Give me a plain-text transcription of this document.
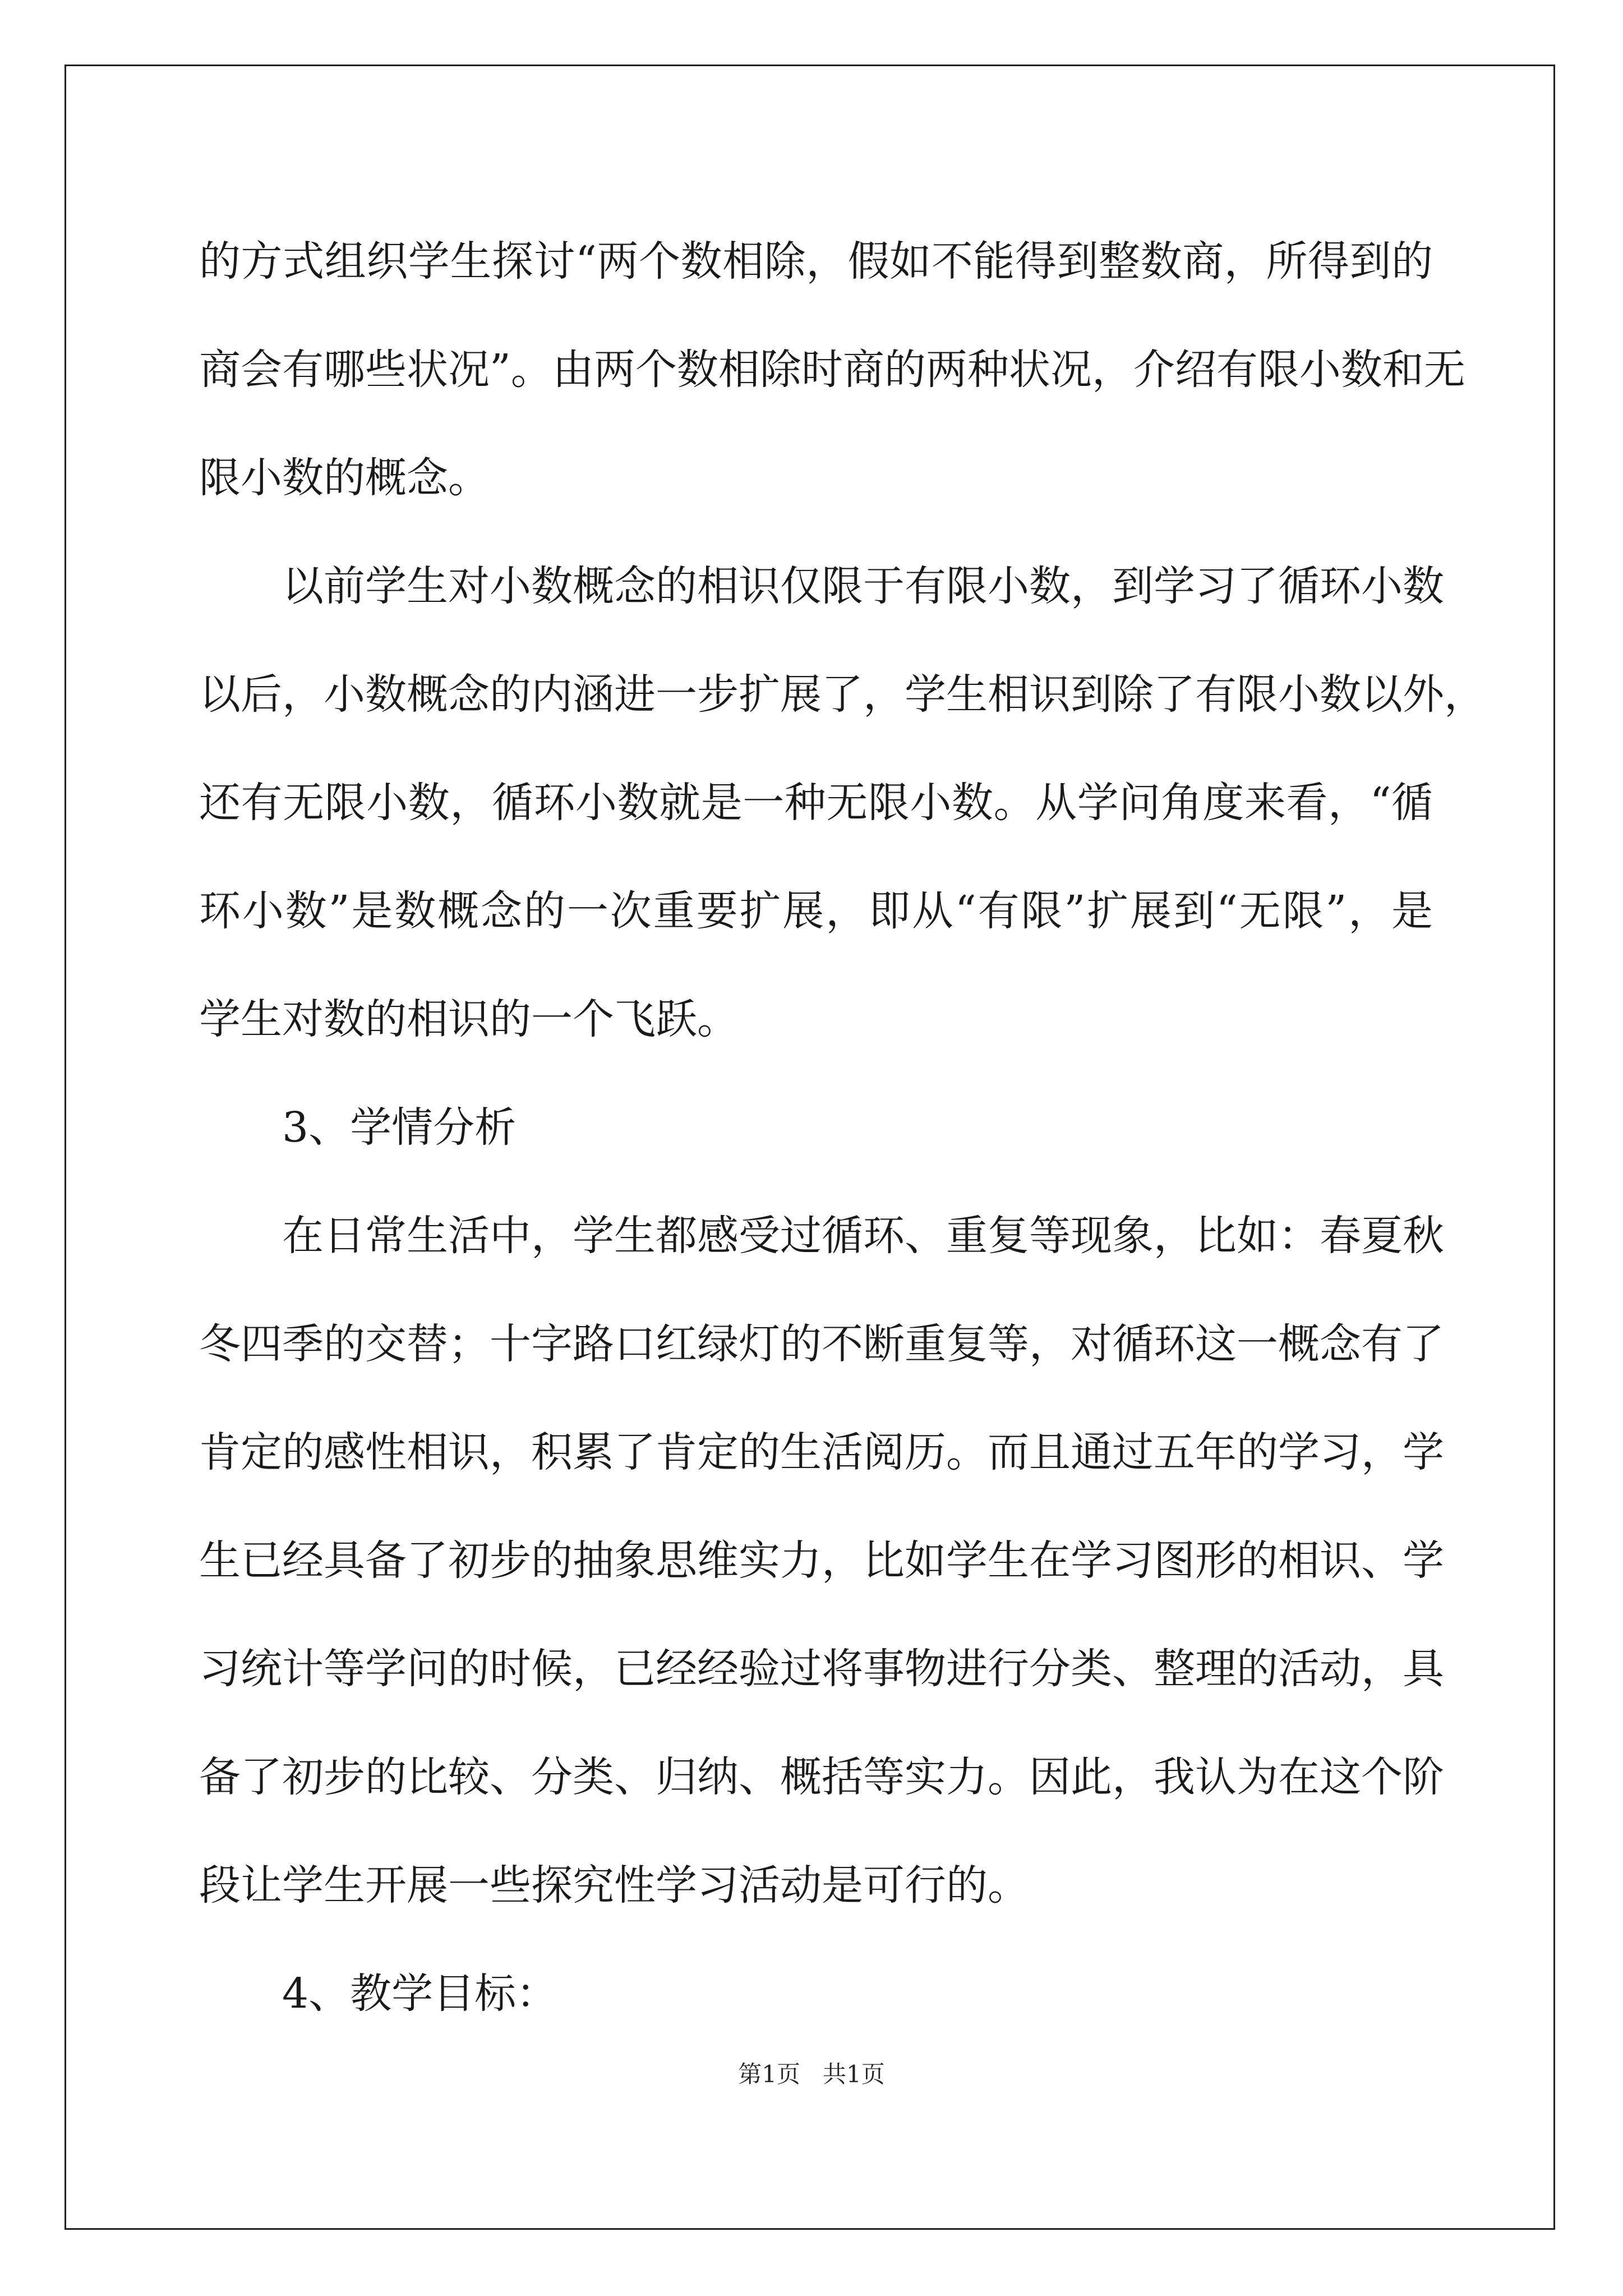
的方式组织学生探讨“两个数相除，假如不能得到整数商，所得到的
商会有哪些状况”。由两个数相除时商的两种状况，介绍有限小数和无
限小数的概念。
以前学生对小数概念的相识仅限于有限小数，到学习了循环小数
以后，小数概念的内涵进一步扩展了，学生相识到除了有限小数以外，
还有无限小数，循环小数就是一种无限小数。从学问角度来看，“循
环小数”是数概念的一次重要扩展，即从“有限”扩展到“无限”，是
学生对数的相识的一个飞跃。
3、学情分析
在日常生活中，学生都感受过循环、重复等现象，比如：春夏秋
冬四季的交替；十字路口红绿灯的不断重复等，对循环这一概念有了
肯定的感性相识，积累了肯定的生活阅历。而且通过五年的学习，学
生已经具备了初步的抽象思维实力，比如学生在学习图形的相识、学
习统计等学问的时候，已经经验过将事物进行分类、整理的活动，具
备了初步的比较、分类、归纳、概括等实力。因此，我认为在这个阶
段让学生开展一些探究性学习活动是可行的。
4、教学目标：
第1页 共1页
